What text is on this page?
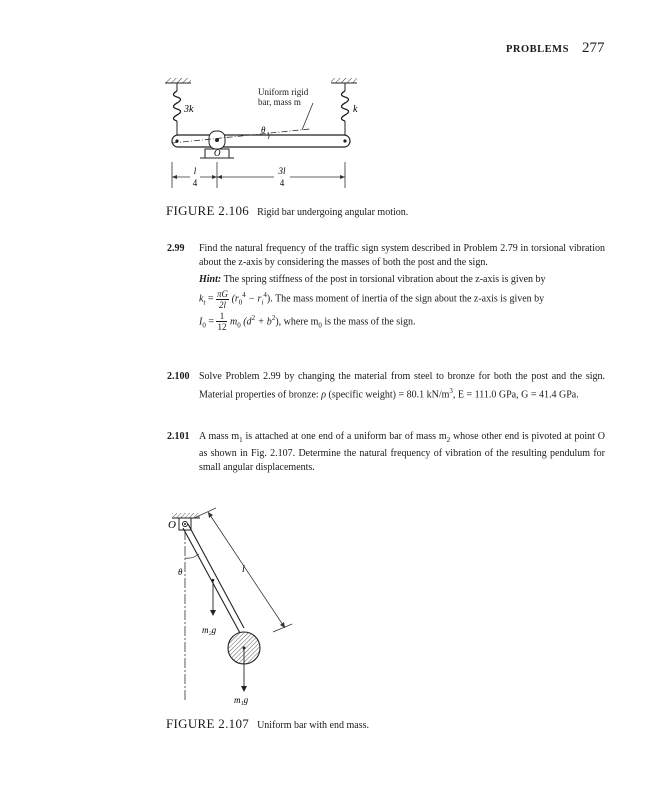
PROBLEMS 277
3k	k
θ
O
l
4
3l
4
Uniform rigid
bar, mass m
FIGURE 2.106 Rigid bar undergoing angular motion.
2.99 Find the natural frequency of the traffic sign system described in Problem 2.79 in torsional vibration about the z-axis by considering the masses of both the post and the sign.
Hint: The spring stiffness of the post in torsional vibration about the z-axis is given by
$k_t = \frac{\pi G}{2l} (r_0^4 - r_i^4)$. The mass moment of inertia of the sign about the z-axis is given by
$I_0 = \frac{1}{12} m_0$ $(d^2 + b^2)$, where $m_0$ is the mass of the sign.
2.100 Solve Problem 2.99 by changing the material from steel to bronze for both the post and the sign. Material properties of bronze: ρ (specific weight) = 80.1 $kN/m^3$, E = 111.0 GPa, G = 41.4 GPa.
2.101 A mass $m_1$ is attached at one end of a uniform bar of mass $m_2$ whose other end is pivoted at point O as shown in Fig. 2.107. Determine the natural frequency of vibration of the resulting pendulum for small angular displacements.
O
θ	l
m₂g
m₁g
FIGURE 2.107 Uniform bar with end mass.
